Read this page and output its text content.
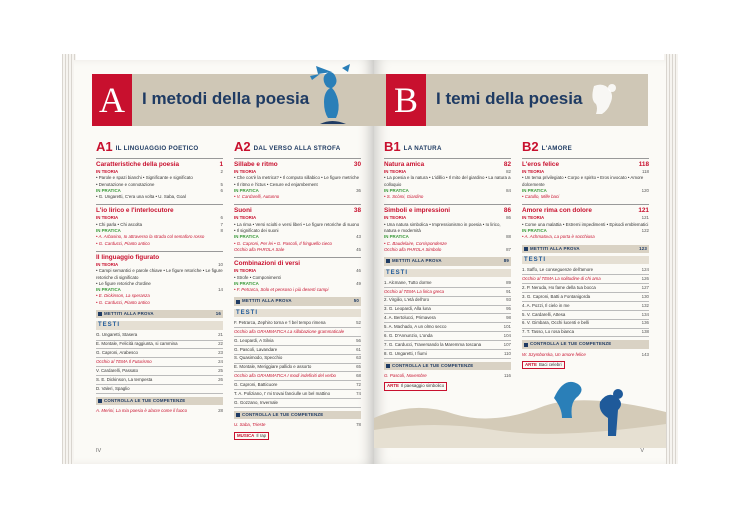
A	I metodi della poesia
A1 IL LINGUAGGIO POETICO
Caratteristiche della poesia	1
IN TEORIA	2
• Parole e spazi bianchi • Significante e significato
• Denotazione e connotazione	5
IN PRATICA	6
• G. Ungaretti, C'era una volta • U. Saba, Goal
L'io lirico e l'interlocutore
IN TEORIA	6
• Chi parla • Chi ascolta	7
IN PRATICA	8
• A. Arbasino, Io attraverso la strada col semaforo rosso
• G. Carducci, Pianto antico
Il linguaggio figurato
IN TEORIA	10
• Campi semantici e parole chiave • Le figure retoriche • Le figure retoriche di significato
• Le figure retoriche d'ordine
IN PRATICA	14
• E. Dickinson, La speranza
• G. Carducci, Pianto antico
METTITI ALLA PROVA	16
TESTI
G. Ungaretti, Stasera	21
E. Montale, Felicità raggiunta, si cammina	22
G. Caproni, Arabesco	23
Occhio al TEMA Il Futurismo	24
V. Cardarelli, Passato	25
S. E. Dickinson, La tempesta	26
D. Valeri, Spaglio
CONTROLLA LE TUE COMPETENZE
A. Merini, La mia poesia è alacre come il fuoco	28
A2 DAL VERSO ALLA STROFA
Sillabe e ritmo	30
IN TEORIA
• Che cos'è la metrica? • Il computo sillabico • Le figure metriche • Il ritmo e l'ictus • Cesure ed enjambement
IN PRATICA	36
• V. Cardarelli, Autunno
Suoni	38
IN TEORIA
• La rima • Versi sciolti e versi liberi • Le figure retoriche di suono • Il significato dei suoni
IN PRATICA	43
• G. Caproni, Per lei • G. Pascoli, Il fringuello cieco
Occhio alla PAROLA Sale	45
Combinazioni di versi
IN TEORIA	46
• Strofe • Componimenti
IN PRATICA	49
• F. Petrarca, Solo et pensoso i più deserti campi
METTITI ALLA PROVA	50
TESTI
F. Petrarca, Zephiro torna e 'l bel tempo rimena	52
Occhio alla GRAMMATICA La sillabazione grammaticale
G. Leopardi, A Silvia	56
G. Pascoli, Lavandare	61
S. Quasimodo, Specchio	63
E. Montale, Meriggiare pallido e assorto	65
Occhio alla GRAMMATICA I modi indefiniti del verbo	68
G. Caproni, Batticuore	72
T. A. Poliziano, I' mi trovai fanciulle un bel mattino	74
G. Gozzano, Invernale
CONTROLLA LE TUE COMPETENZE
U. Saba, Trieste	78
MUSICA Il rap
IV
B	I temi della poesia
B1 LA NATURA
Natura amica	82
IN TEORIA	82
• La poesia e la natura • L'idillio • Il mito del giardino • La natura a colloquio
IN PRATICA	84
• S. Scòmi, Giardino
Simboli e impressioni	86
IN TEORIA	86
• Una natura simbolica • Impressionismo in poesia • Io lirico, natura e modernità
IN PRATICA	88
• C. Baudelaire, Corrispondenze
Occhio alla PAROLA Simbolo	87
METTITI ALLA PROVA	89
TESTI
1. Alcmane, Tutto dorme	89
Occhio al TEMA La lirica greca	91
2. Virgilio, L'età dell'oro	93
3. G. Leopardi, Alla luna	95
4. A. Bertolucci, Primavera	98
5. A. Machado, A un olmo secco	101
6. G. D'Annunzio, L'onda	104
7. G. Carducci, Traversando la Maremma toscana	107
8. G. Ungaretti, I fiumi	110
CONTROLLA LE TUE COMPETENZE
G. Pascoli, Novembre	116
ARTE Il paesaggio simbolico
B2 L'AMORE
L'eros felice	118
IN TEORIA	118
• Un tema privilegiato • Corpo e spirito • Eros invocato • Amore dolcemente
IN PRATICA	120
• Catullo, Mille baci
Amore rima con dolore	121
IN TEORIA	121
• Come una malattia • Estremi impedimenti • Episodi emblematici
IN PRATICA	122
• A. Achmatova, La porta è socchiusa
METTITI ALLA PROVA	123
TESTI
1. Saffo, Le conseguenze dell'amore	124
Occhio al TEMA La solitudine di chi ama	126
2. P. Neruda, Ho fame della tua bocca	127
3. G. Caproni, Batti a Fontanigorda	130
4. A. Pozzi, Il cielo in me	132
5. V. Cardarelli, Attesa	134
6. V. Gimbara, Occhi lucenti e belli	136
7. T. Tasso, Lo rosa bianca	138
CONTROLLA LE TUE COMPETENZE
W. Szymborska, Un amore felice	143
ARTE Baci celebri
V
